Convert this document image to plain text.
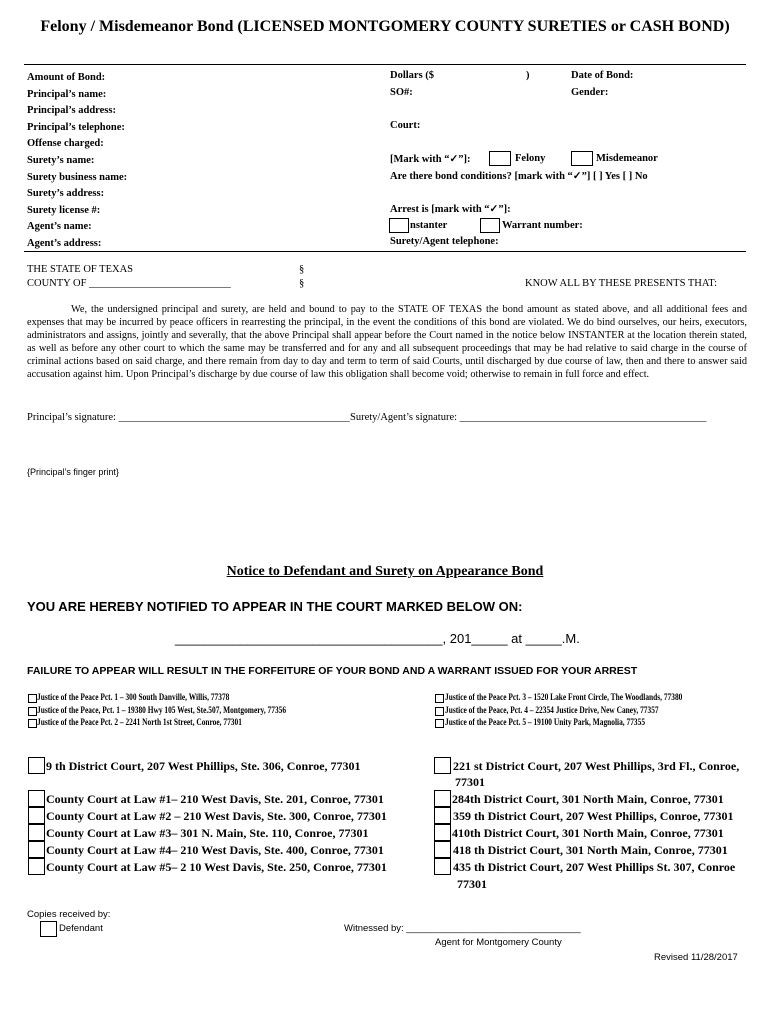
Felony / Misdemeanor Bond (LICENSED MONTGOMERY COUNTY SURETIES or CASH BOND)
Amount of Bond:
Principal’s name:
Principal’s address:
Principal’s telephone:
Offense charged:
Surety’s name:
Surety business name:
Surety’s address:
Surety license #:
Agent’s name:
Agent’s address:
Dollars ($	)
SO#:
Court:
[Mark with “✓”]:	Felony	Misdemeanor
Are there bond conditions? [mark with “✓”] [ ] Yes [ ] No
Arrest is [mark with “✓”]:
nstanter	Warrant number:
Surety/Agent telephone:
Date of Bond:
Gender:
THE STATE OF TEXAS
COUNTY OF ___________________________
§
§	KNOW ALL BY THESE PRESENTS THAT:
We, the undersigned principal and surety, are held and bound to pay to the STATE OF TEXAS the bond amount as stated above, and all additional fees and expenses that may be incurred by peace officers in rearresting the principal, in the event the conditions of this bond are violated. We do bind ourselves, our heirs, executors, administrators and assigns, jointly and severally, that the above Principal shall appear before the Court named in the notice below INSTANTER at the location therein stated, as well as before any other court to which the same may be transferred and for any and all subsequent proceedings that may be had relative to said charge in the course of criminal actions based on said charge, and there remain from day to day and term to term of said Courts, until discharged by due course of law, then and there to answer said accusation against him. Upon Principal’s discharge by due course of law this obligation shall become void; otherwise to remain in full force and effect.
Principal’s signature: ____________________________________________ Surety/Agent’s signature: _______________________________________________
{Principal’s finger print}
Notice to Defendant and Surety on Appearance Bond
YOU ARE HEREBY NOTIFIED TO APPEAR IN THE COURT MARKED BELOW ON:
_____________________________________, 201_____ at _____.M.
FAILURE TO APPEAR WILL RESULT IN THE FORFEITURE OF YOUR BOND AND A WARRANT ISSUED FOR YOUR ARREST
Justice of the Peace Pct. 1 – 300 South Danville, Willis, 77378
Justice of the Peace, Pct. 1 – 19380 Hwy 105 West, Ste.507, Montgomery, 77356
Justice of the Peace Pct. 2 – 2241 North 1st Street, Conroe, 77301
Justice of the Peace Pct. 3 – 1520 Lake Front Circle, The Woodlands, 77380
Justice of the Peace, Pct. 4 – 22354 Justice Drive, New Caney, 77357
Justice of the Peace Pct. 5 – 19100 Unity Park, Magnolia, 77355
9 th District Court, 207 West Phillips, Ste. 306, Conroe, 77301
County Court at Law #1– 210 West Davis, Ste. 201, Conroe, 77301
County Court at Law #2 – 210 West Davis, Ste. 300, Conroe, 77301
County Court at Law #3– 301 N. Main, Ste. 110, Conroe, 77301
County Court at Law #4– 210 West Davis, Ste. 400, Conroe, 77301
County Court at Law #5– 2 10 West Davis, Ste. 250, Conroe, 77301
221 st District Court, 207 West Phillips, 3rd Fl., Conroe,
77301
284th District Court, 301 North Main, Conroe, 77301
359 th District Court, 207 West Phillips, Conroe, 77301
410th District Court, 301 North Main, Conroe, 77301
418 th District Court, 301 North Main, Conroe, 77301
435 th District Court, 207 West Phillips St. 307, Conroe
77301
Copies received by:
Defendant	Witnessed by: _________________________________
Agent for Montgomery County
Revised 11/28/2017
